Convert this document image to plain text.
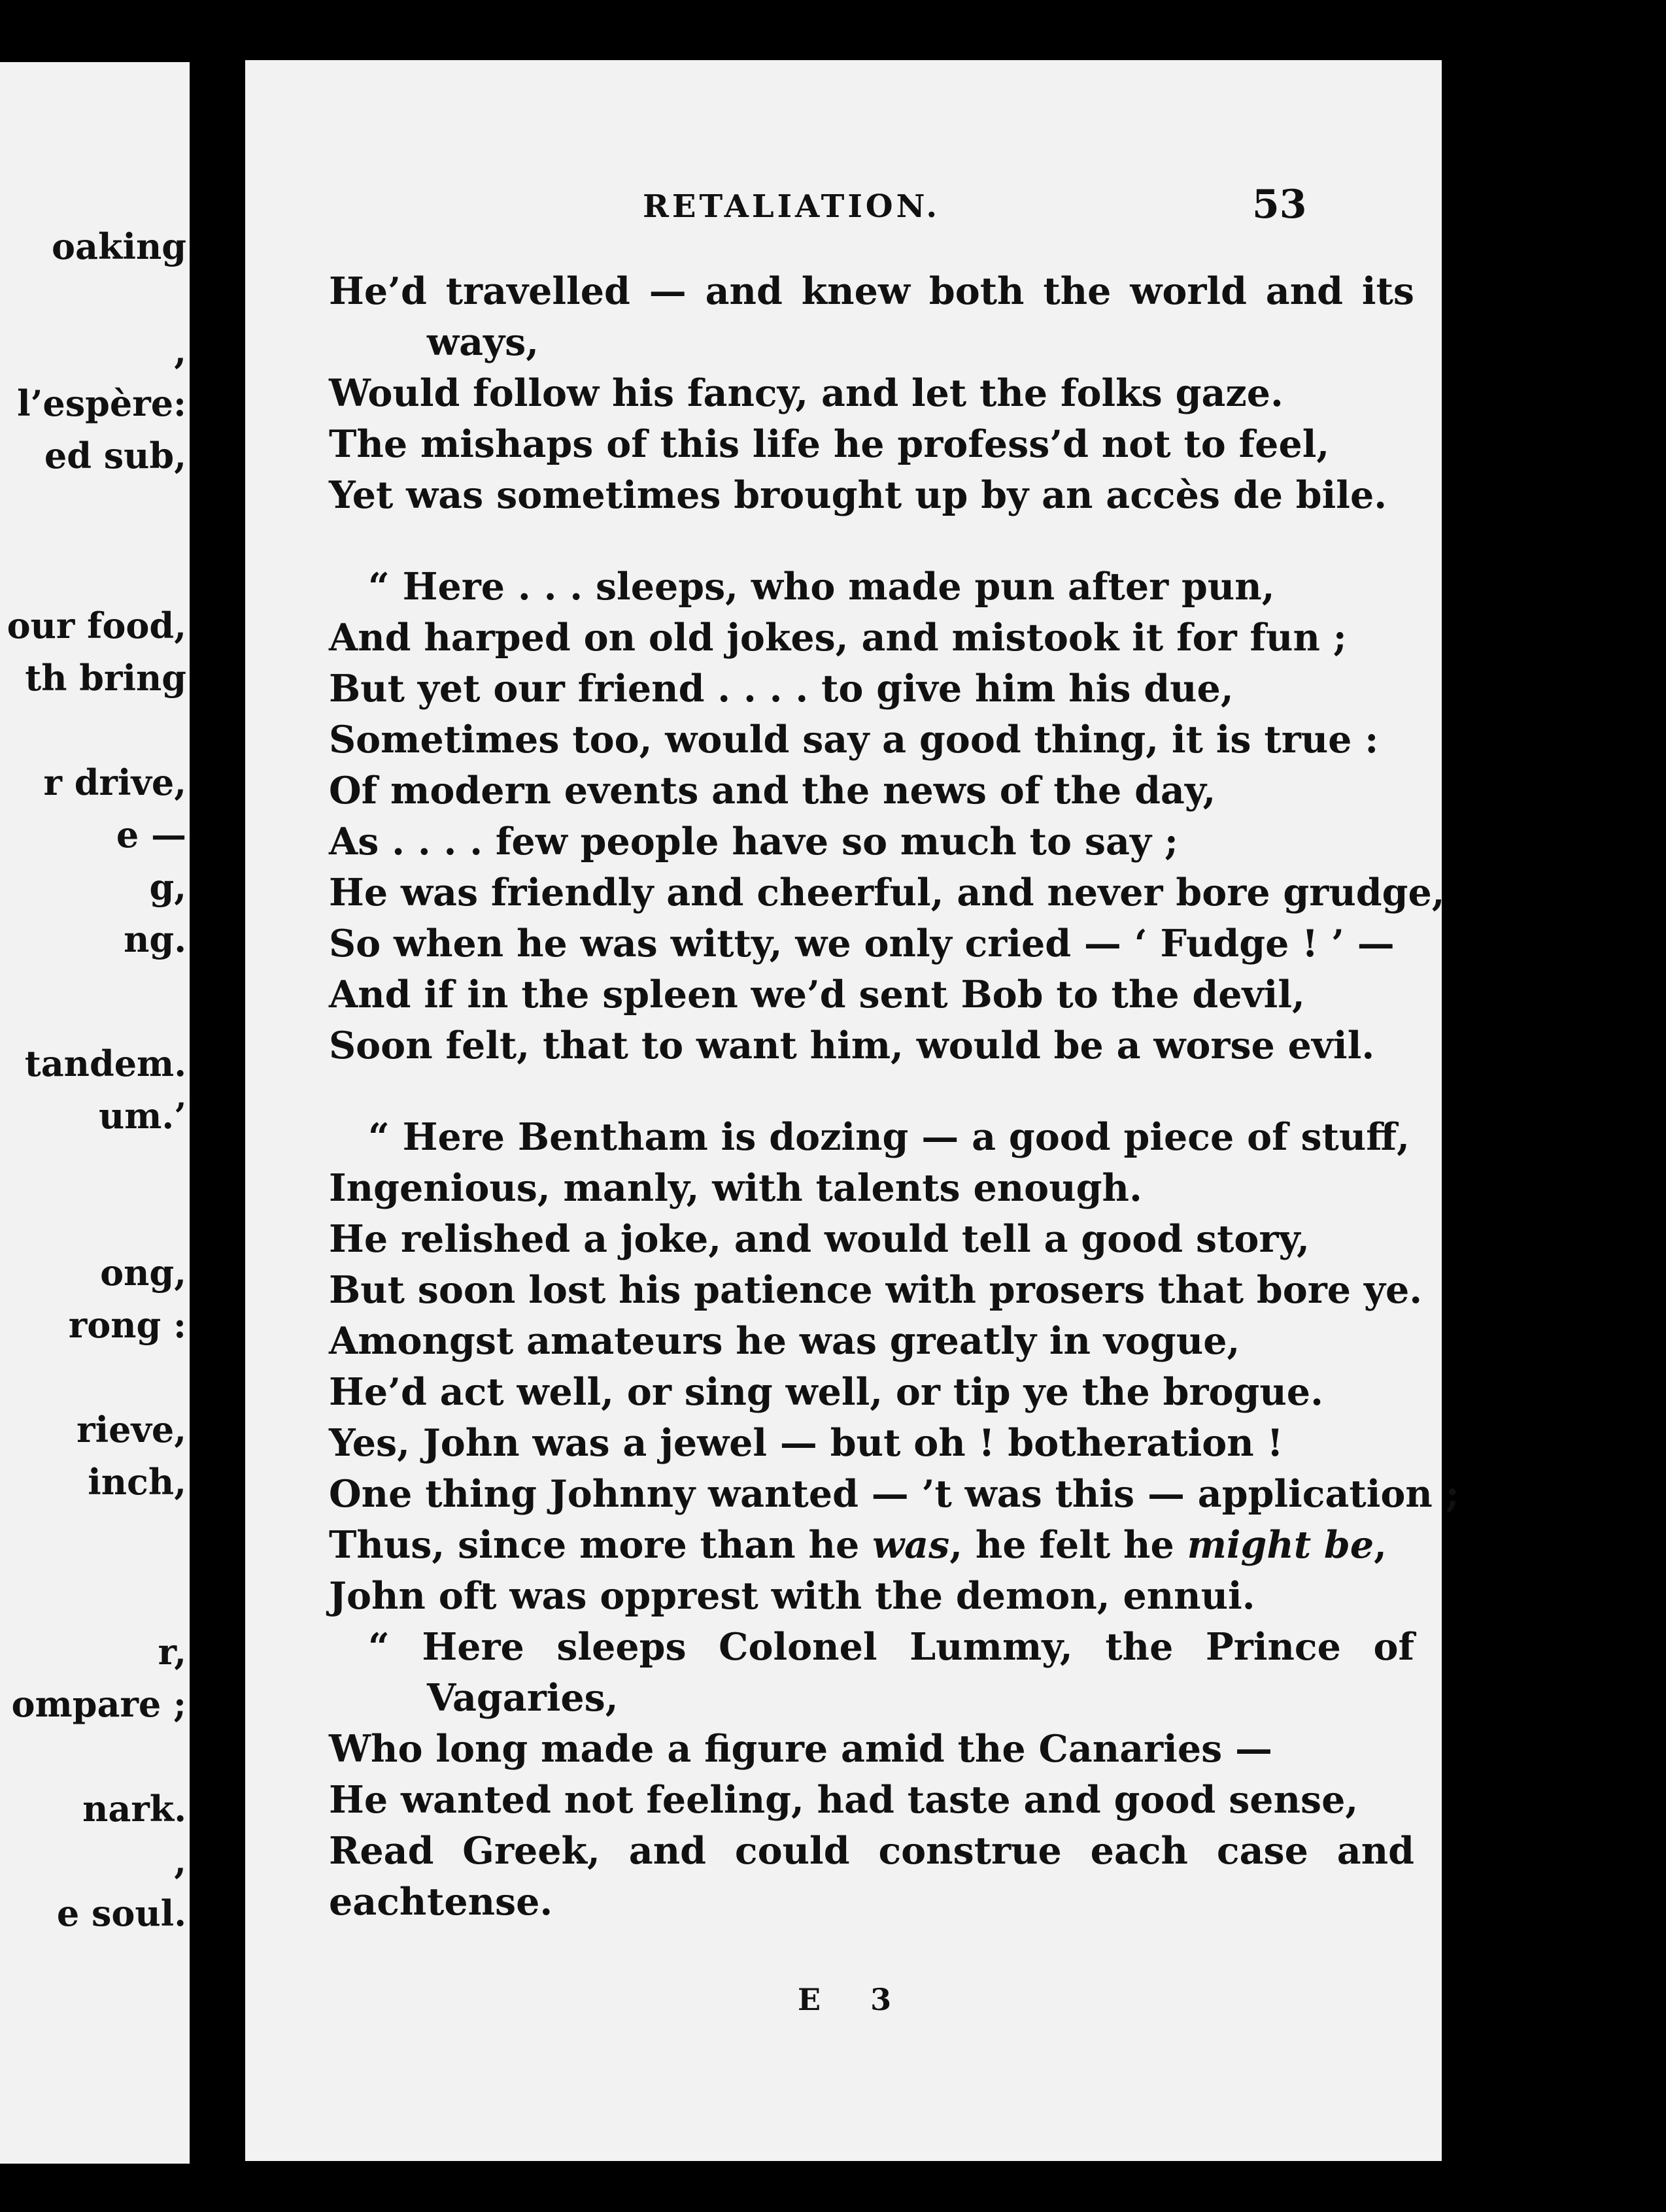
oaking
,
l’espère:
ed sub,
our food,
th bring
r drive,
e —
g,
ng.
tandem.
um.’
ong,
rong :
rieve,
inch,
r,
ompare ;
nark.
,
e soul.
RETALIATION.	53
He’d travelled — and knew both the world and its
ways,
Would follow his fancy, and let the folks gaze.
The mishaps of this life he profess’d not to feel,
Yet was sometimes brought up by an accès de bile.
“ Here . . . sleeps, who made pun after pun,
And harped on old jokes, and mistook it for fun ;
But yet our friend . . . . to give him his due,
Sometimes too, would say a good thing, it is true :
Of modern events and the news of the day,
As . . . . few people have so much to say ;
He was friendly and cheerful, and never bore grudge,
So when he was witty, we only cried — ‘ Fudge ! ’ —
And if in the spleen we’d sent Bob to the devil,
Soon felt, that to want him, would be a worse evil.
“ Here Bentham is dozing — a good piece of stuff,
Ingenious, manly, with talents enough.
He relished a joke, and would tell a good story,
But soon lost his patience with prosers that bore ye.
Amongst amateurs he was greatly in vogue,
He’d act well, or sing well, or tip ye the brogue.
Yes, John was a jewel — but oh ! botheration !
One thing Johnny wanted — ’t was this — application ;
Thus, since more than he was, he felt he might be,
John oft was opprest with the demon, ennui.
“ Here sleeps Colonel Lummy, the Prince of
Vagaries,
Who long made a figure amid the Canaries —
He wanted not feeling, had taste and good sense,
Read Greek, and could construe each case and each tense.
E 3
